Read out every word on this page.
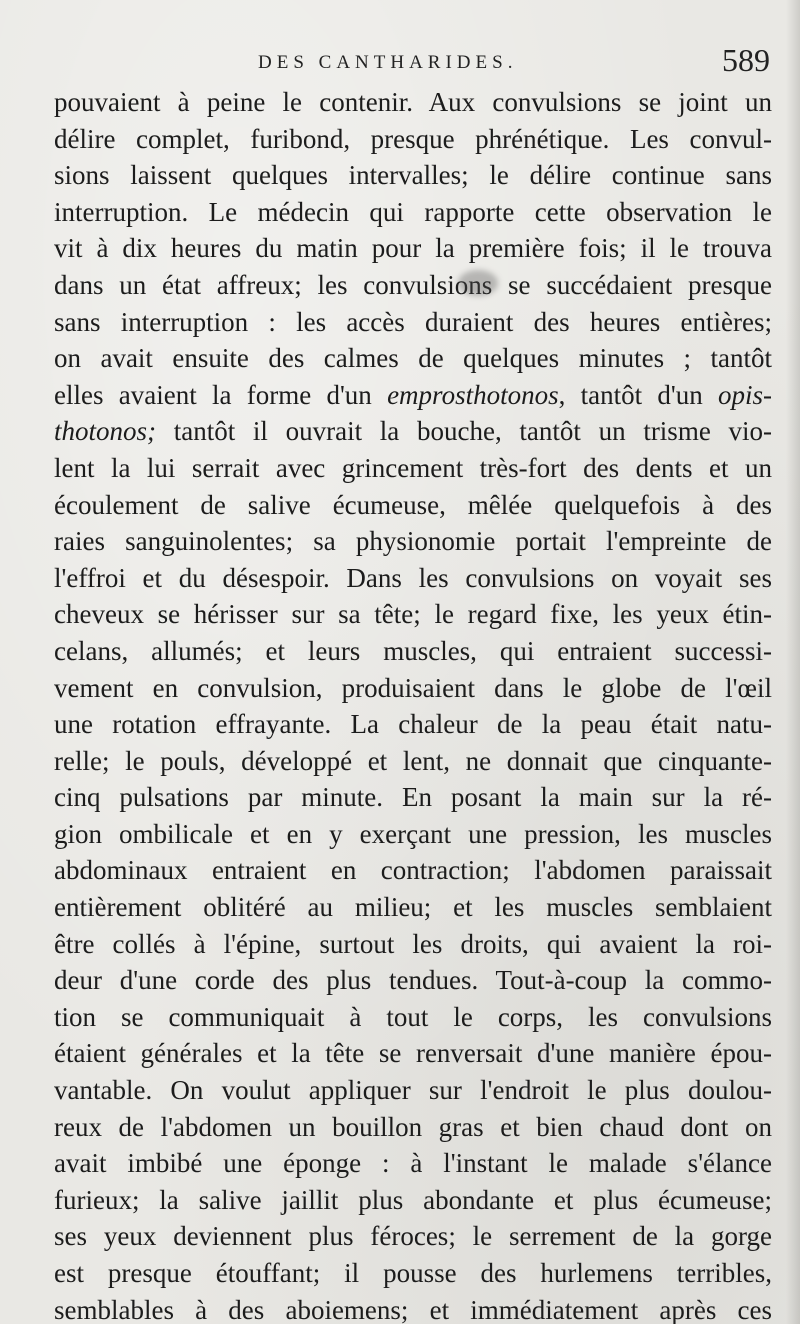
DES CANTHARIDES.	589
pouvaient à peine le contenir. Aux convulsions se joint un
délire complet, furibond, presque phrénétique. Les convul-
sions laissent quelques intervalles; le délire continue sans
interruption. Le médecin qui rapporte cette observation le
vit à dix heures du matin pour la première fois; il le trouva
dans un état affreux; les convulsions se succédaient presque
sans interruption : les accès duraient des heures entières;
on avait ensuite des calmes de quelques minutes ; tantôt
elles avaient la forme d'un emprosthotonos, tantôt d'un opis-
thotonos; tantôt il ouvrait la bouche, tantôt un trisme vio-
lent la lui serrait avec grincement très-fort des dents et un
écoulement de salive écumeuse, mêlée quelquefois à des
raies sanguinolentes; sa physionomie portait l'empreinte de
l'effroi et du désespoir. Dans les convulsions on voyait ses
cheveux se hérisser sur sa tête; le regard fixe, les yeux étin-
celans, allumés; et leurs muscles, qui entraient successi-
vement en convulsion, produisaient dans le globe de l'œil
une rotation effrayante. La chaleur de la peau était natu-
relle; le pouls, développé et lent, ne donnait que cinquante-
cinq pulsations par minute. En posant la main sur la ré-
gion ombilicale et en y exerçant une pression, les muscles
abdominaux entraient en contraction; l'abdomen paraissait
entièrement oblitéré au milieu; et les muscles semblaient
être collés à l'épine, surtout les droits, qui avaient la roi-
deur d'une corde des plus tendues. Tout-à-coup la commo-
tion se communiquait à tout le corps, les convulsions
étaient générales et la tête se renversait d'une manière épou-
vantable. On voulut appliquer sur l'endroit le plus doulou-
reux de l'abdomen un bouillon gras et bien chaud dont on
avait imbibé une éponge : à l'instant le malade s'élance
furieux; la salive jaillit plus abondante et plus écumeuse;
ses yeux deviennent plus féroces; le serrement de la gorge
est presque étouffant; il pousse des hurlemens terribles,
semblables à des aboiemens; et immédiatement après ces
